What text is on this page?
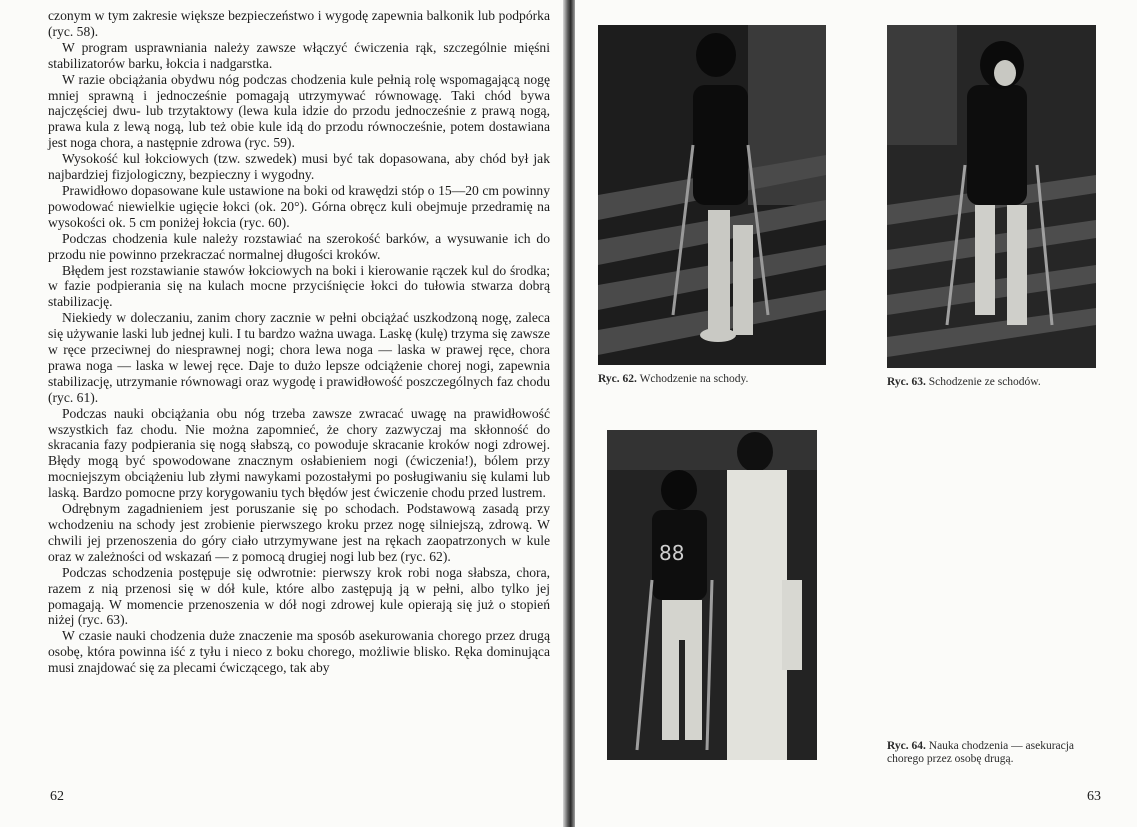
czonym w tym zakresie większe bezpieczeństwo i wygodę zapewnia balkonik lub podpórka (ryc. 58).

W program usprawniania należy zawsze włączyć ćwiczenia rąk, szczególnie mięśni stabilizatorów barku, łokcia i nadgarstka.

W razie obciążania obydwu nóg podczas chodzenia kule pełnią rolę wspomagającą nogę mniej sprawną i jednocześnie pomagają utrzymywać równowagę. Taki chód bywa najczęściej dwu- lub trzytaktowy (lewa kula idzie do przodu jednocześnie z prawą nogą, prawa kula z lewą nogą, lub też obie kule idą do przodu równocześnie, potem dostawiana jest noga chora, a następnie zdrowa (ryc. 59).

Wysokość kul łokciowych (tzw. szwedek) musi być tak dopasowana, aby chód był jak najbardziej fizjologiczny, bezpieczny i wygodny.

Prawidłowo dopasowane kule ustawione na boki od krawędzi stóp o 15—20 cm powinny powodować niewielkie ugięcie łokci (ok. 20°). Górna obręcz kuli obejmuje przedramię na wysokości ok. 5 cm poniżej łokcia (ryc. 60).

Podczas chodzenia kule należy rozstawiać na szerokość barków, a wysuwanie ich do przodu nie powinno przekraczać normalnej długości kroków.

Błędem jest rozstawianie stawów łokciowych na boki i kierowanie rączek kul do środka; w fazie podpierania się na kulach mocne przyciśnięcie łokci do tułowia stwarza dobrą stabilizację.

Niekiedy w doleczaniu, zanim chory zacznie w pełni obciążać uszkodzoną nogę, zaleca się używanie laski lub jednej kuli. I tu bardzo ważna uwaga. Laskę (kulę) trzyma się zawsze w ręce przeciwnej do niesprawnej nogi; chora lewa noga — laska w prawej ręce, chora prawa noga — laska w lewej ręce. Daje to dużo lepsze odciążenie chorej nogi, zapewnia stabilizację, utrzymanie równowagi oraz wygodę i prawidłowość poszczególnych faz chodu (ryc. 61).

Podczas nauki obciążania obu nóg trzeba zawsze zwracać uwagę na prawidłowość wszystkich faz chodu. Nie można zapomnieć, że chory zazwyczaj ma skłonność do skracania fazy podpierania się nogą słabszą, co powoduje skracanie kroków nogi zdrowej. Błędy mogą być spowodowane znacznym osłabieniem nogi (ćwiczenia!), bólem przy mocniejszym obciążeniu lub złymi nawykami pozostałymi po posługiwaniu się kulami lub laską. Bardzo pomocne przy korygowaniu tych błędów jest ćwiczenie chodu przed lustrem.

Odrębnym zagadnieniem jest poruszanie się po schodach. Podstawową zasadą przy wchodzeniu na schody jest zrobienie pierwszego kroku przez nogę silniejszą, zdrową. W chwili jej przenoszenia do góry ciało utrzymywane jest na rękach zaopatrzonych w kule oraz w zależności od wskazań — z pomocą drugiej nogi lub bez (ryc. 62).

Podczas schodzenia postępuje się odwrotnie: pierwszy krok robi noga słabsza, chora, razem z nią przenosi się w dół kule, które albo zastępują ją w pełni, albo tylko jej pomagają. W momencie przenoszenia w dół nogi zdrowej kule opierają się już o stopień niżej (ryc. 63).

W czasie nauki chodzenia duże znaczenie ma sposób asekurowania chorego przez drugą osobę, która powinna iść z tyłu i nieco z boku chorego, możliwie blisko. Ręka dominująca musi znajdować się za plecami ćwiczącego, tak aby

62
Ryc. 62. Wchodzenie na schody.	Ryc. 63. Schodzenie ze schodów.
88
Ryc. 64. Nauka chodzenia — asekuracja chorego przez osobę drugą.
63
